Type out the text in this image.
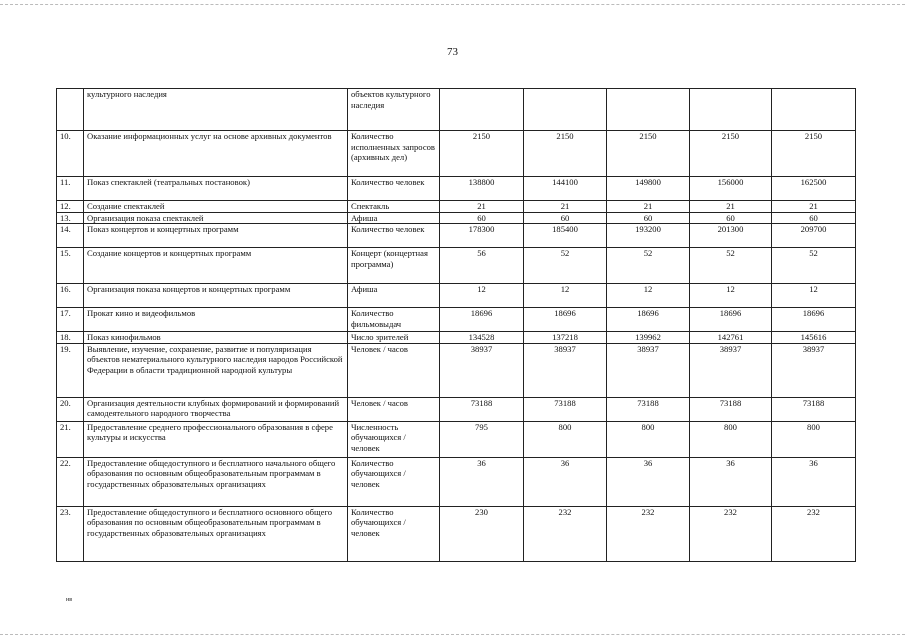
73
	культурного наследия	объектов культурного наследия					
10.	Оказание информационных услуг на основе архивных документов	Количество исполненных запросов (архивных дел)	2150	2150	2150	2150	2150
11.	Показ спектаклей (театральных постановок)	Количество человек	138800	144100	149800	156000	162500
12.	Создание спектаклей	Спектакль	21	21	21	21	21
13.	Организация показа спектаклей	Афиша	60	60	60	60	60
14.	Показ концертов и концертных программ	Количество человек	178300	185400	193200	201300	209700
15.	Создание концертов и концертных программ	Концерт (концертная программа)	56	52	52	52	52
16.	Организация показа концертов и концертных программ	Афиша	12	12	12	12	12
17.	Прокат кино и видеофильмов	Количество фильмовыдач	18696	18696	18696	18696	18696
18.	Показ кинофильмов	Число зрителей	134528	137218	139962	142761	145616
19.	Выявление, изучение, сохранение, развитие и популяризация объектов нематериального культурного наследия народов Российской Федерации в области традиционной народной культуры	Человек / часов	38937	38937	38937	38937	38937
20.	Организация деятельности клубных формирований и формирований самодеятельного народного творчества	Человек / часов	73188	73188	73188	73188	73188
21.	Предоставление среднего профессионального образования в сфере культуры и искусства	Численность обучающихся / человек	795	800	800	800	800
22.	Предоставление общедоступного и бесплатного начального общего образования по основным общеобразовательным программам в государственных образовательных организациях	Количество обучающихся / человек	36	36	36	36	36
23.	Предоставление общедоступного и бесплатного основного общего образования по основным общеобразовательным программам в государственных образовательных организациях	Количество обучающихся / человек	230	232	232	232	232
нв
